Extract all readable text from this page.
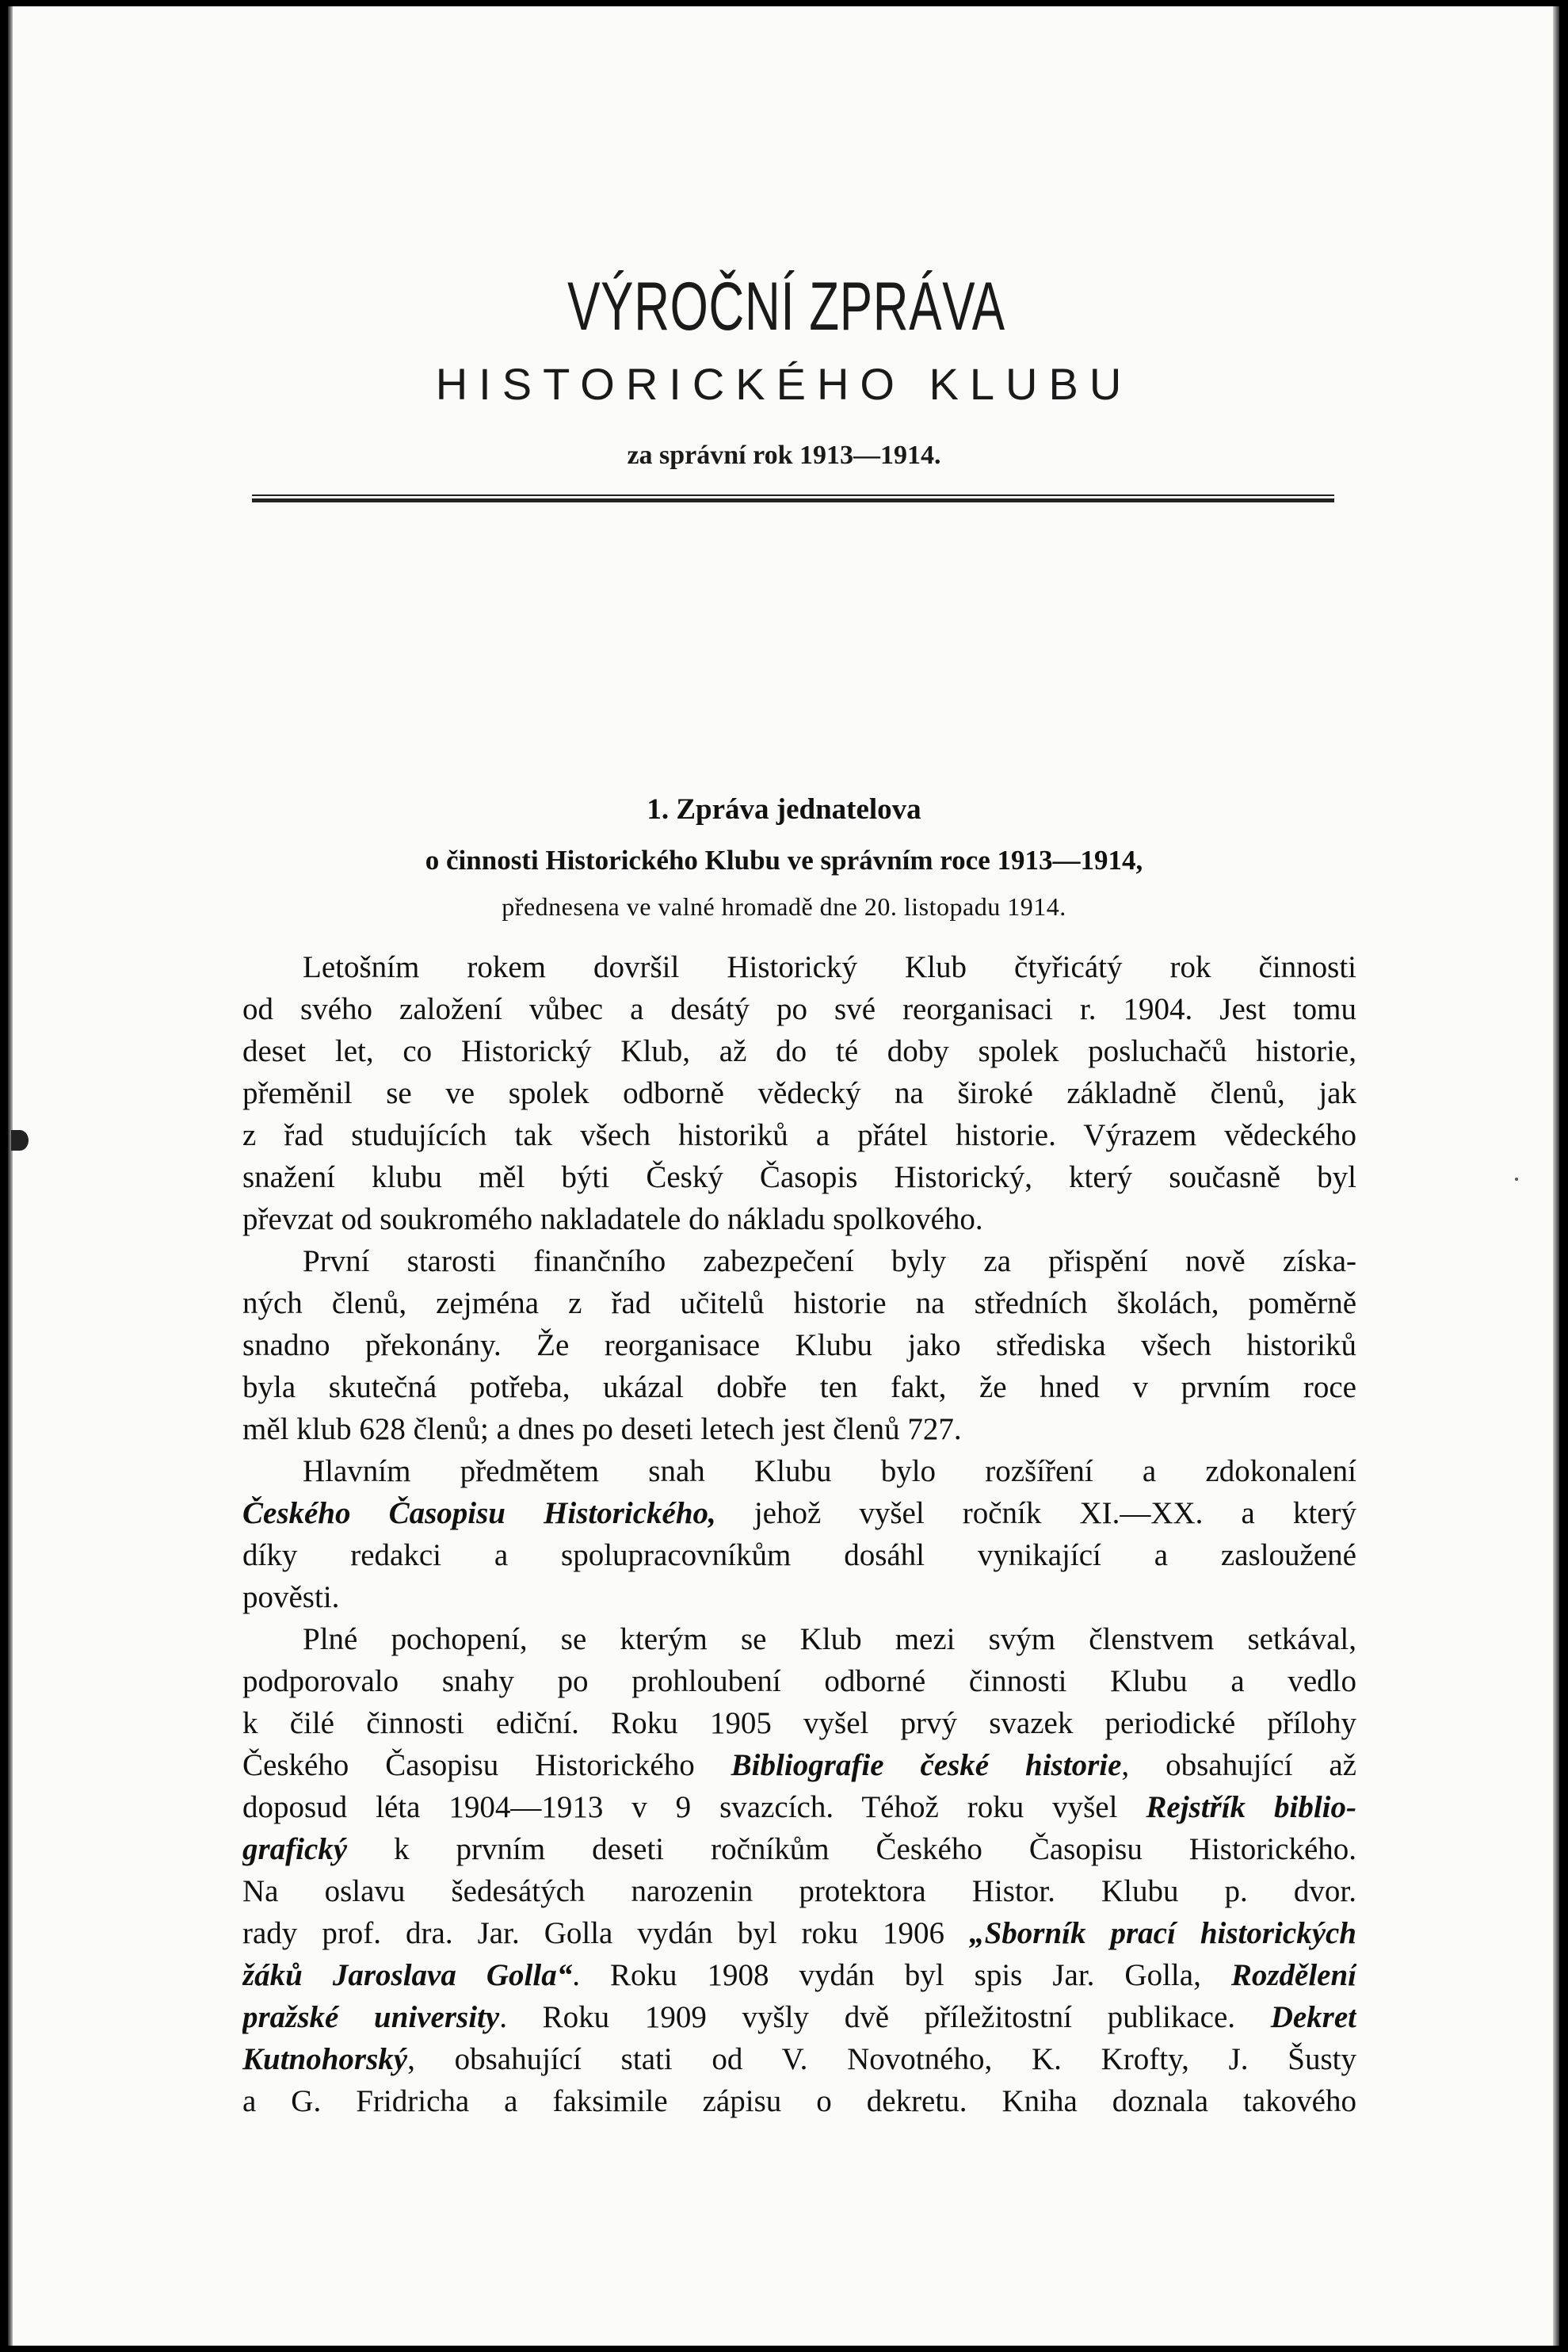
VÝROČNÍ ZPRÁVA
HISTORICKÉHO KLUBU
za správní rok 1913—1914.
1. Zpráva jednatelova
o činnosti Historického Klubu ve správním roce 1913—1914,
přednesena ve valné hromadě dne 20. listopadu 1914.
Letošním rokem dovršil Historický Klub čtyřicátý rok činnosti
od svého založení vůbec a desátý po své reorganisaci r. 1904. Jest tomu
deset let, co Historický Klub, až do té doby spolek posluchačů historie,
přeměnil se ve spolek odborně vědecký na široké základně členů, jak
z řad studujících tak všech historiků a přátel historie. Výrazem vědeckého
snažení klubu měl býti Český Časopis Historický, který současně byl
převzat od soukromého nakladatele do nákladu spolkového.
První starosti finančního zabezpečení byly za přispění nově získa-
ných členů, zejména z řad učitelů historie na středních školách, poměrně
snadno překonány. Že reorganisace Klubu jako střediska všech historiků
byla skutečná potřeba, ukázal dobře ten fakt, že hned v prvním roce
měl klub 628 členů; a dnes po deseti letech jest členů 727.
Hlavním předmětem snah Klubu bylo rozšíření a zdokonalení
Českého Časopisu Historického, jehož vyšel ročník XI.—XX. a který
díky redakci a spolupracovníkům dosáhl vynikající a zasloužené
pověsti.
Plné pochopení, se kterým se Klub mezi svým členstvem setkával,
podporovalo snahy po prohloubení odborné činnosti Klubu a vedlo
k čilé činnosti ediční. Roku 1905 vyšel prvý svazek periodické přílohy
Českého Časopisu Historického Bibliografie české historie, obsahující až
doposud léta 1904—1913 v 9 svazcích. Téhož roku vyšel Rejstřík biblio-
grafický k prvním deseti ročníkům Českého Časopisu Historického.
Na oslavu šedesátých narozenin protektora Histor. Klubu p. dvor.
rady prof. dra. Jar. Golla vydán byl roku 1906 „Sborník prací historických
žáků Jaroslava Golla“. Roku 1908 vydán byl spis Jar. Golla, Rozdělení
pražské university. Roku 1909 vyšly dvě příležitostní publikace. Dekret
Kutnohorský, obsahující stati od V. Novotného, K. Krofty, J. Šusty
a G. Fridricha a faksimile zápisu o dekretu. Kniha doznala takového
